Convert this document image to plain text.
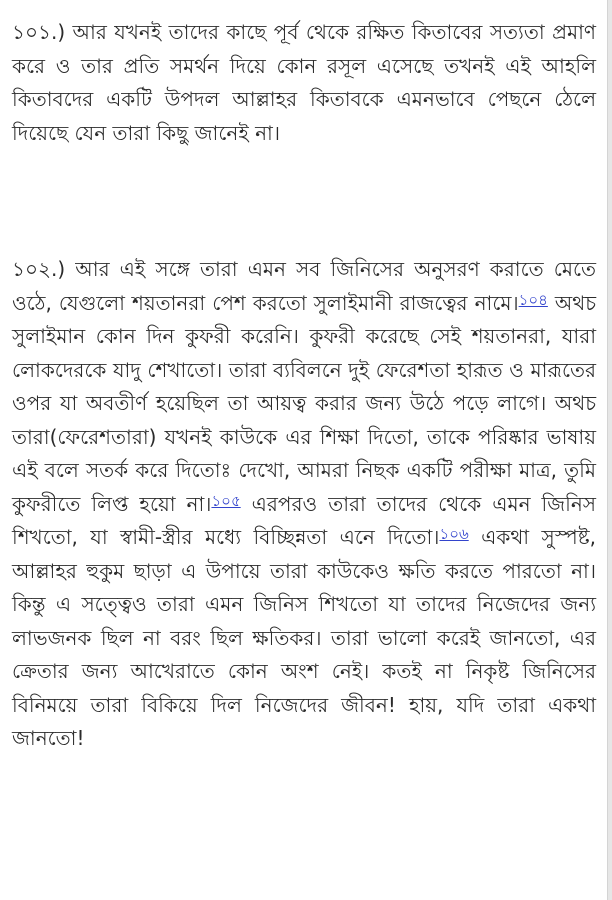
১০১.) আর যখনই তাদের কাছে পূর্ব থেকে রক্ষিত কিতাবের সত্যতা প্রমাণ করে ও তার প্রতি সমর্থন দিয়ে কোন রসূল এসেছে তখনই এই আহলি কিতাবদের একটি উপদল আল্লাহর কিতাবকে এমনভাবে পেছনে ঠেলে দিয়েছে যেন তারা কিছু জানেই না।

১০২.) আর এই সঙ্গে তারা এমন সব জিনিসের অনুসরণ করাতে মেতে ওঠে, যেগুলো শয়তানরা পেশ করতো সুলাইমানী রাজত্বের নামে।$^{১০৪}$ অথচ সুলাইমান কোন দিন কুফরী করেনি। কুফরী করেছে সেই শয়তানরা, যারা লোকদেরকে যাদু শেখাতো। তারা ব্যবিলনে দুই ফেরেশতা হারূত ও মারূতের ওপর যা অবতীর্ণ হয়েছিল তা আয়ত্ব করার জন্য উঠে পড়ে লাগে। অথচ তারা(ফেরেশতারা) যখনই কাউকে এর শিক্ষা দিতো, তাকে পরিষ্কার ভাষায় এই বলে সতর্ক করে দিতোঃ দেখো, আমরা নিছক একটি পরীক্ষা মাত্র, তুমি কুফরীতে লিপ্ত হয়ো না।$^{১০৫}$ এরপরও তারা তাদের থেকে এমন জিনিস শিখতো, যা স্বামী-স্ত্রীর মধ্যে বিচ্ছিন্নতা এনে দিতো।$^{১০৬}$ একথা সুস্পষ্ট, আল্লাহর হুকুম ছাড়া এ উপায়ে তারা কাউকেও ক্ষতি করতে পারতো না। কিন্তু এ সত্ত্বেও তারা এমন জিনিস শিখতো যা তাদের নিজেদের জন্য লাভজনক ছিল না বরং ছিল ক্ষতিকর। তারা ভালো করেই জানতো, এর ক্রেতার জন্য আখেরাতে কোন অংশ নেই। কতই না নিকৃষ্ট জিনিসের বিনিময়ে তারা বিকিয়ে দিল নিজেদের জীবন! হায়, যদি তারা একথা জানতো!
